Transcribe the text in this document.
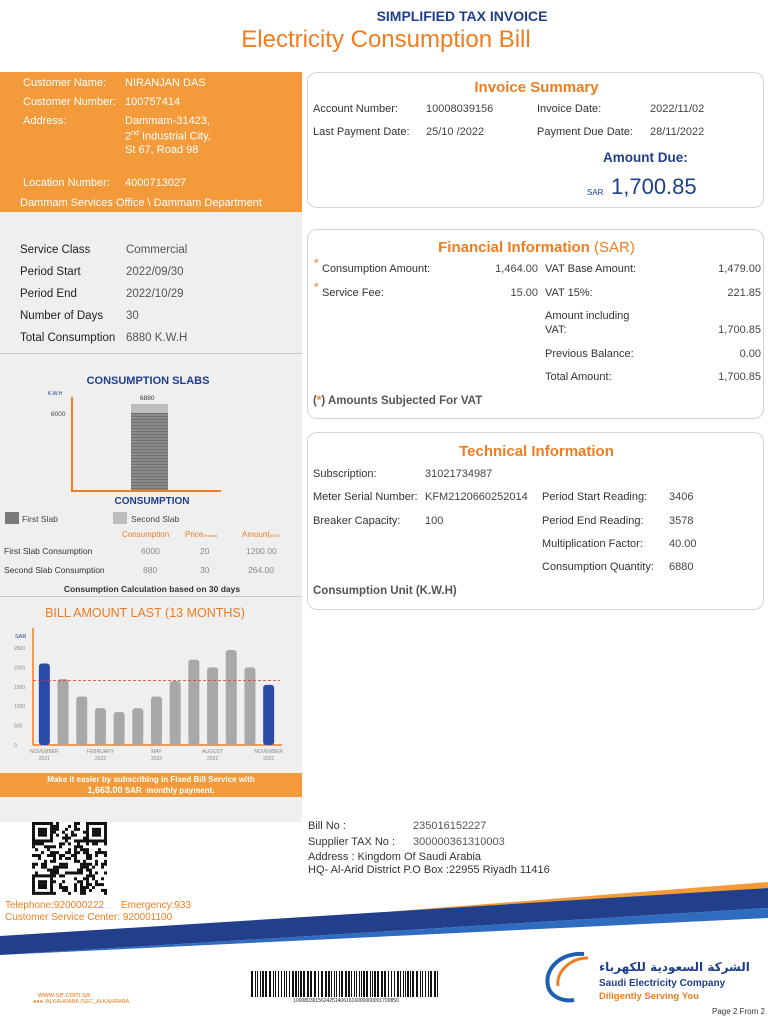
SIMPLIFIED TAX INVOICE
Electricity Consumption Bill
Customer Name: NIRANJAN DAS
Customer Number: 100757414
Address:	Dammam-31423,
2nd Industrial City,
St 67, Road 98
Location Number: 4000713027
Dammam Services Office \ Dammam Department
Service Class	Commercial
Period Start	2022/09/30
Period End	2022/10/29
Number of Days 30
Total Consumption 6880 K.W.H
CONSUMPTION SLABS
K.W.H
6000
6880
CONSUMPTION
First Slab	Second Slab
Consumption Price(Halala)	Amount(SAR)
First Slab Consumption	6000	20	1200.00
Second Slab Consumption	880	30	264.00
Consumption Calculation based on 30 days
BILL AMOUNT LAST (13 MONTHS)
SAR
2500
2000
1500
1000
500
0
NOVEMBER
2021
FEBRUARY
2022
MAY
2022
AUGUST
2022
NOVEMBER
2022
Make it easier by subscribing in Fixed Bill Service with
1,663.00 SAR monthly payment.
Telephone:920000222 Emergency:933
Customer Service Center: 920001100
Invoice Summary
Account Number:	10008039156	Invoice Date:	2022/11/02
Last Payment Date: 25/10 /2022	Payment Due Date: 28/11/2022
Amount Due:
SAR 1,700.85
Financial Information (SAR)
* Consumption Amount:	1,464.00
* Service Fee:	15.00
VAT Base Amount:	1,479.00
VAT 15%:	221.85
Amount including
VAT:	1,700.85
Previous Balance:	0.00
Total Amount:	1,700.85
(*) Amounts Subjected For VAT
Technical Information
Subscription:	31021734987
Meter Serial Number: KFM2120660252014
Breaker Capacity: 100
Period Start Reading: 3406
Period End Reading: 3578
Multiplication Factor: 40.00
Consumption Quantity: 6880
Consumption Unit (K.W.H)
Bill No :	235016152227
Supplier TAX No : 300000361310003
Address : Kingdom Of Saudi Arabia
HQ- Al-Arid District P.O Box :22955 Riyadh 11416
www.se.com.sa
●●● /ALKAHRABA /SEC_ALKAHRABA	10008039156242514061616000000001700850
الشركة السعودية للكهرباء
Saudi Electricity Company
Diligently Serving You
Page 2 From 2
